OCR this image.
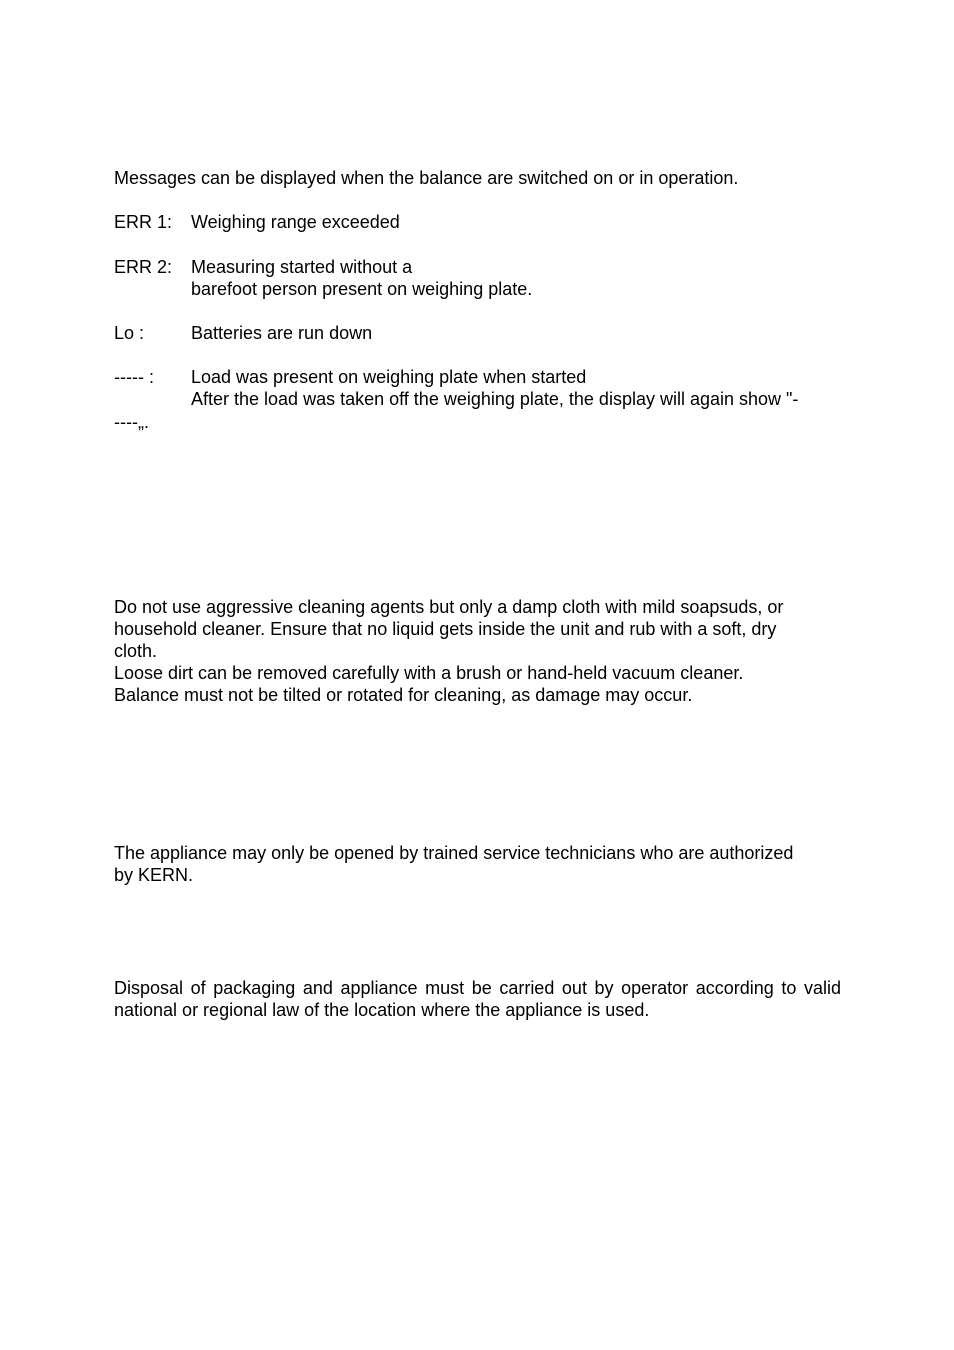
Messages can be displayed when the balance are switched on or in operation.

ERR 1: Weighing range exceeded
ERR 2: Measuring started without a
barefoot person present on weighing plate.
Lo :	Batteries are run down
----- : Load was present on weighing plate when started
After the load was taken off the weighing plate, the display will again show "-
----„.
Do not use aggressive cleaning agents but only a damp cloth with mild soapsuds, or
household cleaner. Ensure that no liquid gets inside the unit and rub with a soft, dry
cloth.
Loose dirt can be removed carefully with a brush or hand-held vacuum cleaner.
Balance must not be tilted or rotated for cleaning, as damage may occur.
The appliance may only be opened by trained service technicians who are authorized
by KERN.

Disposal of packaging and appliance must be carried out by operator according to valid national or regional law of the location where the appliance is used.
